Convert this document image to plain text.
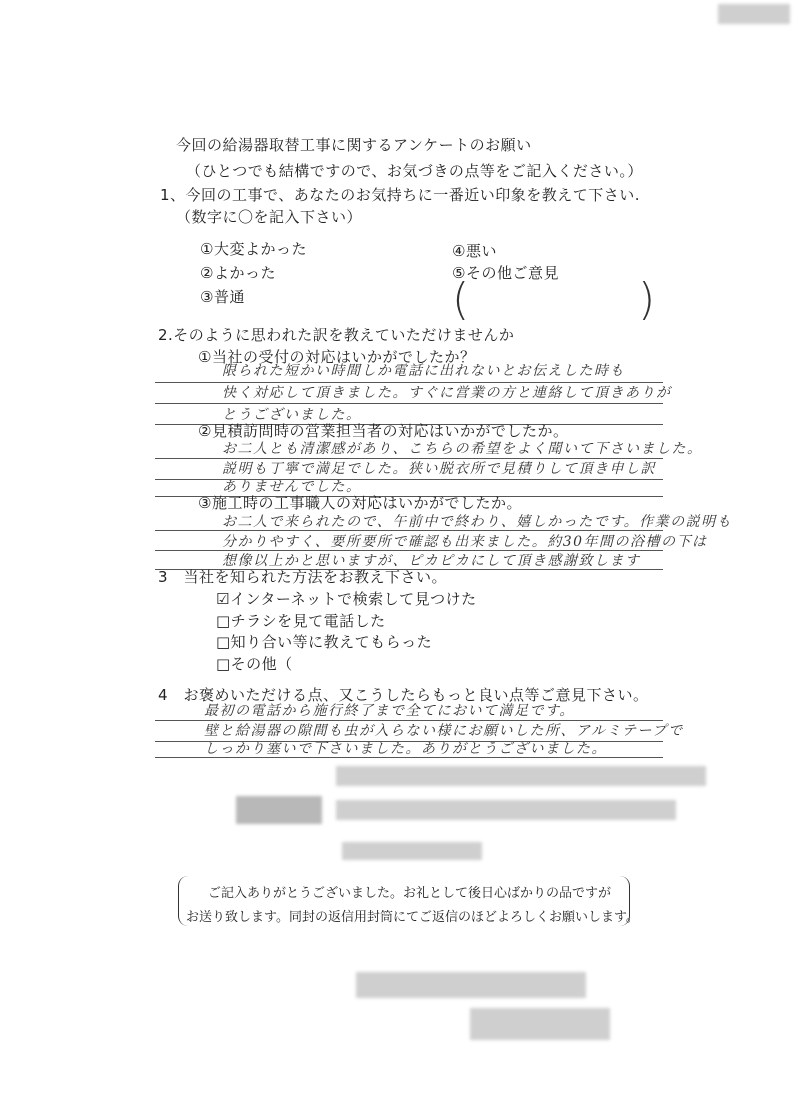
今回の給湯器取替工事に関するアンケートのお願い
（ひとつでも結構ですので、お気づきの点等をご記入ください。）
1、今回の工事で、あなたのお気持ちに一番近い印象を教えて下さい.
（数字に〇を記入下さい）
①大変よかった
②よかった
③普通
④悪い
⑤その他ご意見
(	)
2.そのように思われた訳を教えていただけませんか
①当社の受付の対応はいかがでしたか？
限られた短かい時間しか電話に出れないとお伝えした時も
快く対応して頂きました。すぐに営業の方と連絡して頂きありが
とうございました。
②見積訪問時の営業担当者の対応はいかがでしたか。
お二人とも清潔感があり、こちらの希望をよく聞いて下さいました。
説明も丁寧で満足でした。狭い脱衣所で見積りして頂き申し訳
ありませんでした。
③施工時の工事職人の対応はいかがでしたか。
お二人で来られたので、午前中で終わり、嬉しかったです。作業の説明も
分かりやすく、要所要所で確認も出来ました。約30年間の浴槽の下は
想像以上かと思いますが、ピカピカにして頂き感謝致します
3　当社を知られた方法をお教え下さい。
☑インターネットで検索して見つけた
□チラシを見て電話した
□知り合い等に教えてもらった
□その他（
4　お褒めいただける点、又こうしたらもっと良い点等ご意見下さい。
最初の電話から施行終了まで全てにおいて満足です。
壁と給湯器の隙間も虫が入らない様にお願いした所、アルミテープで
しっかり塞いで下さいました。ありがとうございました。
ご記入ありがとうございました。お礼として後日心ばかりの品ですが
お送り致します。同封の返信用封筒にてご返信のほどよろしくお願いします。
